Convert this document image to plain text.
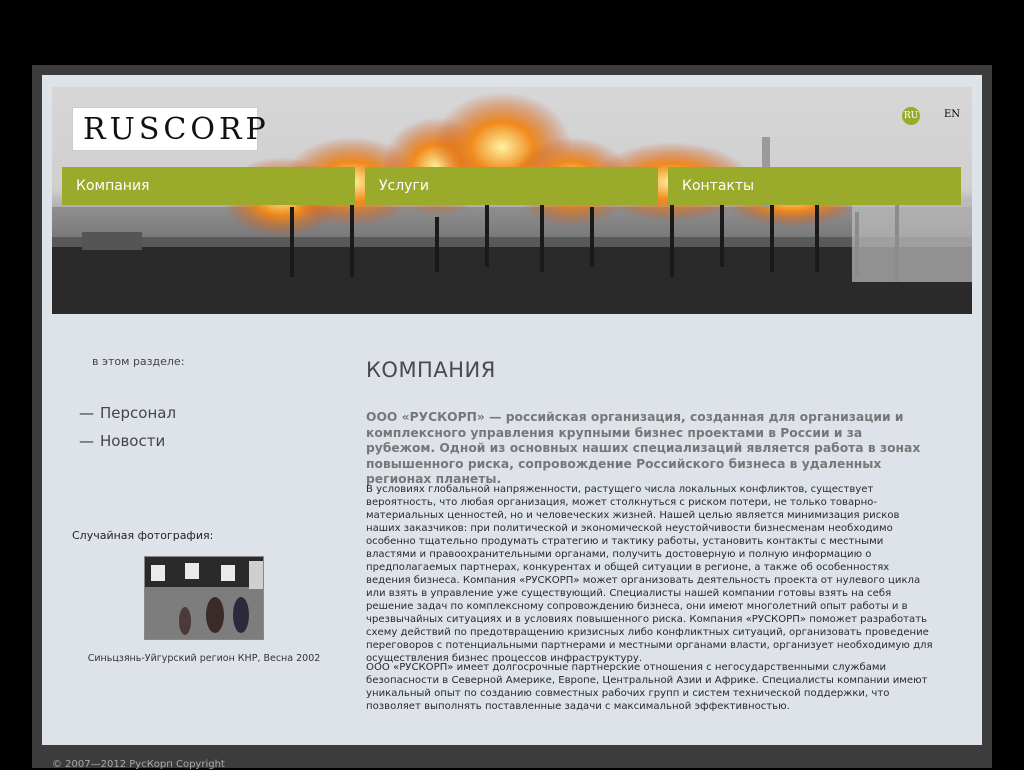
RUSCORP	RU	EN
Компания	Услуги	Контакты
в этом разделе:
— Персонал
— Новости
Случайная фотография:
Синьцзянь-Уйгурский регион КНР, Весна 2002
КОМПАНИЯ

ООО «РУСКОРП» — российская организация, созданная для организации и комплексного управления крупными бизнес проектами в России и за рубежом. Одной из основных наших специализаций является работа в зонах повышенного риска, сопровождение Российского бизнеса в удаленных регионах планеты.

В условиях глобальной напряженности, растущего числа локальных конфликтов, существует вероятность, что любая организация, может столкнуться с риском потери, не только товарно-материальных ценностей, но и человеческих жизней. Нашей целью является минимизация рисков наших заказчиков: при политической и экономической неустойчивости бизнесменам необходимо особенно тщательно продумать стратегию и тактику работы, установить контакты с местными властями и правоохранительными органами, получить достоверную и полную информацию о предполагаемых партнерах, конкурентах и общей ситуации в регионе, а также об особенностях ведения бизнеса. Компания «РУСКОРП» может организовать деятельность проекта от нулевого цикла или взять в управление уже существующий. Специалисты нашей компании готовы взять на себя решение задач по комплексному сопровождению бизнеса, они имеют многолетний опыт работы и в чрезвычайных ситуациях и в условиях повышенного риска. Компания «РУСКОРП» поможет разработать схему действий по предотвращению кризисных либо конфликтных ситуаций, организовать проведение переговоров с потенциальными партнерами и местными органами власти, организует необходимую для осуществления бизнес процессов инфраструктуру.

ООО «РУСКОРП» имеет долгосрочные партнерские отношения с негосударственными службами безопасности в Северной Америке, Европе, Центральной Азии и Африке. Специалисты компании имеют уникальный опыт по созданию совместных рабочих групп и систем технической поддержки, что позволяет выполнять поставленные задачи с максимальной эффективностью.

© 2007—2012 РусКорп Copyright
